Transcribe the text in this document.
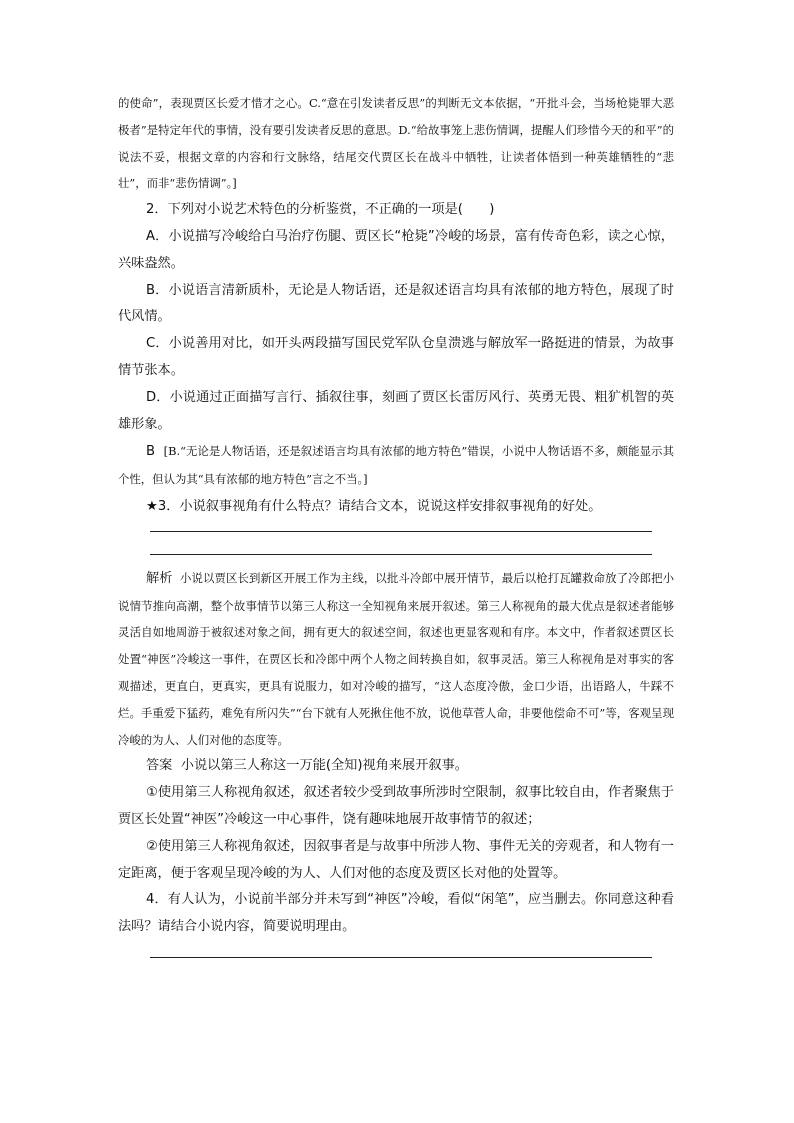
的使命”，表现贾区长爱才惜才之心。C.“意在引发读者反思”的判断无文本依据，“开批斗会，当场枪毙罪大恶极者”是特定年代的事情，没有要引发读者反思的意思。D.“给故事笼上悲伤情调，提醒人们珍惜今天的和平”的说法不妥，根据文章的内容和行文脉络，结尾交代贾区长在战斗中牺牲，让读者体悟到一种英雄牺牲的“悲壮”，而非“悲伤情调”。]

2．下列对小说艺术特色的分析鉴赏，不正确的一项是(　　)

A．小说描写冷峻给白马治疗伤腿、贾区长“枪毙”冷峻的场景，富有传奇色彩，读之心惊，兴味盎然。

B．小说语言清新质朴，无论是人物话语，还是叙述语言均具有浓郁的地方特色，展现了时代风情。

C．小说善用对比，如开头两段描写国民党军队仓皇溃逃与解放军一路挺进的情景，为故事情节张本。

D．小说通过正面描写言行、插叙往事，刻画了贾区长雷厉风行、英勇无畏、粗犷机智的英雄形象。

B [B.“无论是人物话语，还是叙述语言均具有浓郁的地方特色”错误，小说中人物话语不多，颇能显示其个性，但认为其“具有浓郁的地方特色”言之不当。]

★3．小说叙事视角有什么特点？请结合文本，说说这样安排叙事视角的好处。

解析 小说以贾区长到新区开展工作为主线，以批斗冷郎中展开情节，最后以枪打瓦罐救命放了冷郎把小说情节推向高潮，整个故事情节以第三人称这一全知视角来展开叙述。第三人称视角的最大优点是叙述者能够灵活自如地周游于被叙述对象之间，拥有更大的叙述空间，叙述也更显客观和有序。本文中，作者叙述贾区长处置“神医”冷峻这一事件，在贾区长和冷郎中两个人物之间转换自如，叙事灵活。第三人称视角是对事实的客观描述，更直白，更真实，更具有说服力，如对冷峻的描写，“这人态度冷傲，金口少语，出语路人，牛踩不烂。手重爱下猛药，难免有所闪失”“台下就有人死揪住他不放，说他草菅人命，非要他偿命不可”等，客观呈现冷峻的为人、人们对他的态度等。

答案 小说以第三人称这一万能(全知)视角来展开叙事。

①使用第三人称视角叙述，叙述者较少受到故事所涉时空限制，叙事比较自由，作者聚焦于贾区长处置“神医”冷峻这一中心事件，饶有趣味地展开故事情节的叙述；

②使用第三人称视角叙述，因叙事者是与故事中所涉人物、事件无关的旁观者，和人物有一定距离，便于客观呈现冷峻的为人、人们对他的态度及贾区长对他的处置等。

4．有人认为，小说前半部分并未写到“神医”冷峻，看似“闲笔”，应当删去。你同意这种看法吗？请结合小说内容，简要说明理由。
